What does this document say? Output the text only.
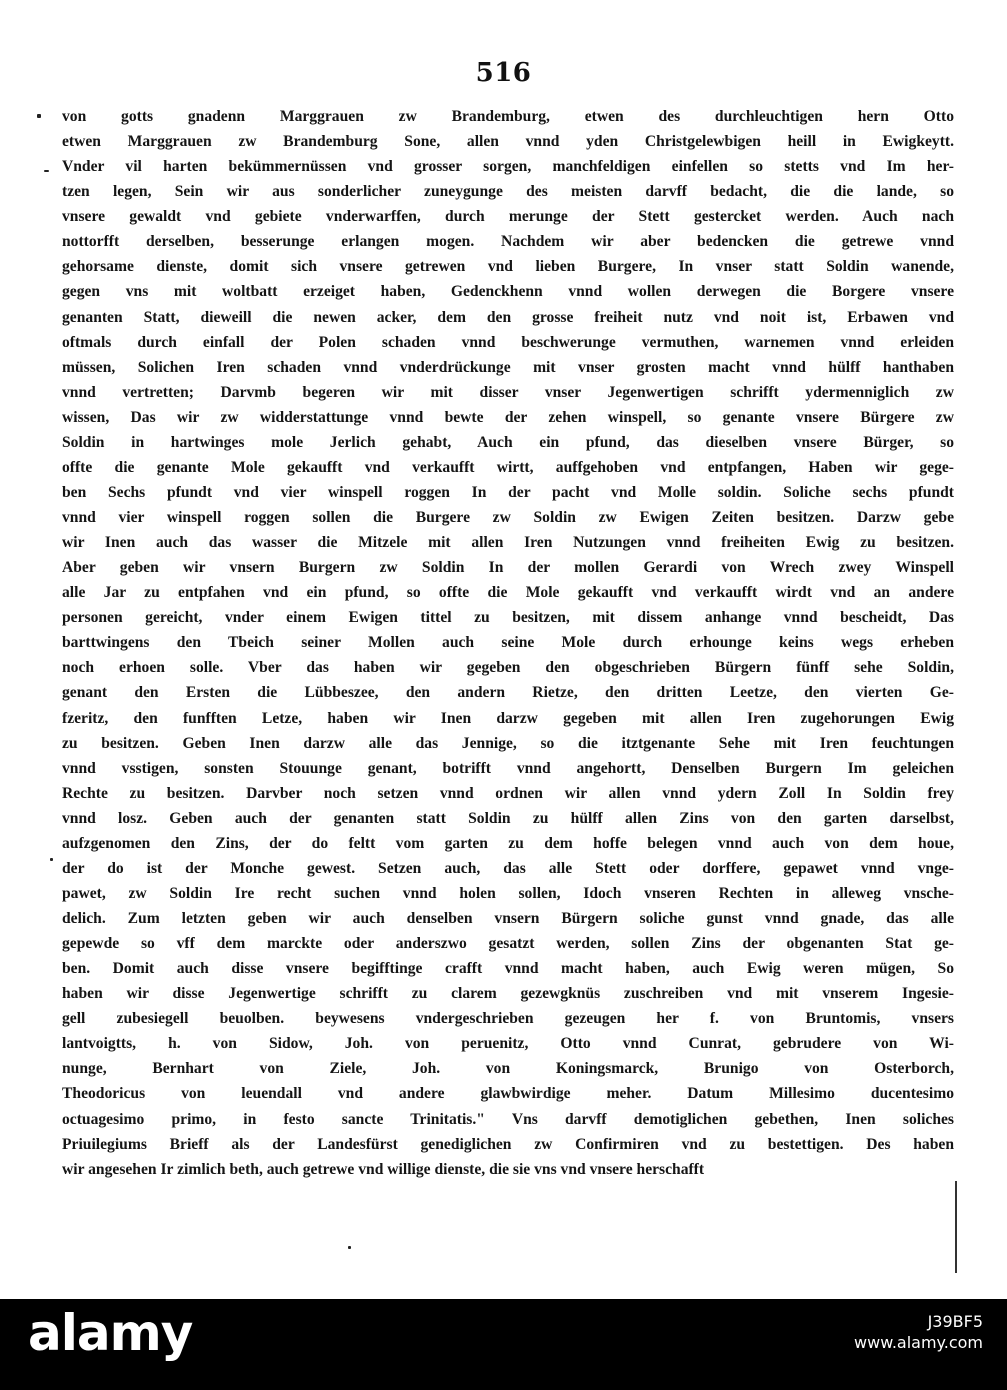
516
von gotts gnadenn Marggrauen zw Brandemburg, etwen des durchleuchtigen hern Otto
etwen Marggrauen zw Brandemburg Sone, allen vnnd yden Christgelewbigen heill in Ewigkeytt.
Vnder vil harten bekümmernüssen vnd grosser sorgen, manchfeldigen einfellen so stetts vnd Im her-
tzen legen, Sein wir aus sonderlicher zuneygunge des meisten darvff bedacht, die die lande, so
vnsere gewaldt vnd gebiete vnderwarffen, durch merunge der Stett gestercket werden. Auch nach
nottorfft derselben, besserunge erlangen mogen. Nachdem wir aber bedencken die getrewe vnnd
gehorsame dienste, domit sich vnsere getrewen vnd lieben Burgere, In vnser statt Soldin wanende,
gegen vns mit woltbatt erzeiget haben, Gedenckhenn vnnd wollen derwegen die Borgere vnsere
genanten Statt, dieweill die newen acker, dem den grosse freiheit nutz vnd noit ist, Erbawen vnd
oftmals durch einfall der Polen schaden vnnd beschwerunge vermuthen, warnemen vnnd erleiden
müssen, Solichen Iren schaden vnnd vnderdrückunge mit vnser grosten macht vnnd hülff hanthaben
vnnd vertretten; Darvmb begeren wir mit disser vnser Jegenwertigen schrifft ydermenniglich zw
wissen, Das wir zw widderstattunge vnnd bewte der zehen winspell, so genante vnsere Bürgere zw
Soldin in hartwinges mole Jerlich gehabt, Auch ein pfund, das dieselben vnsere Bürger, so
offte die genante Mole gekaufft vnd verkaufft wirtt, auffgehoben vnd entpfangen, Haben wir gege-
ben Sechs pfundt vnd vier winspell roggen In der pacht vnd Molle soldin. Soliche sechs pfundt
vnnd vier winspell roggen sollen die Burgere zw Soldin zw Ewigen Zeiten besitzen. Darzw gebe
wir Inen auch das wasser die Mitzele mit allen Iren Nutzungen vnnd freiheiten Ewig zu besitzen.
Aber geben wir vnsern Burgern zw Soldin In der mollen Gerardi von Wrech zwey Winspell
alle Jar zu entpfahen vnd ein pfund, so offte die Mole gekaufft vnd verkaufft wirdt vnd an andere
personen gereicht, vnder einem Ewigen tittel zu besitzen, mit dissem anhange vnnd bescheidt, Das
barttwingens den Tbeich seiner Mollen auch seine Mole durch erhounge keins wegs erheben
noch erhoen solle. Vber das haben wir gegeben den obgeschrieben Bürgern fünff sehe Soldin,
genant den Ersten die Lübbeszee, den andern Rietze, den dritten Leetze, den vierten Ge-
fzeritz, den funfften Letze, haben wir Inen darzw gegeben mit allen Iren zugehorungen Ewig
zu besitzen. Geben Inen darzw alle das Jennige, so die itztgenante Sehe mit Iren feuchtungen
vnnd vsstigen, sonsten Stouunge genant, botrifft vnnd angehortt, Denselben Burgern Im geleichen
Rechte zu besitzen. Darvber noch setzen vnnd ordnen wir allen vnnd ydern Zoll In Soldin frey
vnnd losz. Geben auch der genanten statt Soldin zu hülff allen Zins von den garten darselbst,
aufzgenomen den Zins, der do feltt vom garten zu dem hoffe belegen vnnd auch von dem houe,
der do ist der Monche gewest. Setzen auch, das alle Stett oder dorffere, gepawet vnnd vnge-
pawet, zw Soldin Ire recht suchen vnnd holen sollen, Idoch vnseren Rechten in alleweg vnsche-
delich. Zum letzten geben wir auch denselben vnsern Bürgern soliche gunst vnnd gnade, das alle
gepewde so vff dem marckte oder anderszwo gesatzt werden, sollen Zins der obgenanten Stat ge-
ben. Domit auch disse vnsere begifftinge crafft vnnd macht haben, auch Ewig weren mügen, So
haben wir disse Jegenwertige schrifft zu clarem gezewgknüs zuschreiben vnd mit vnserem Ingesie-
gell zubesiegell beuolben. beywesens vndergeschrieben gezeugen her f. von Bruntomis, vnsers
lantvoigtts, h. von Sidow, Joh. von peruenitz, Otto vnnd Cunrat, gebrudere von Wi-
nunge, Bernhart von Ziele, Joh. von Koningsmarck, Brunigo von Osterborch,
Theodoricus von leuendall vnd andere glawbwirdige meher. Datum Millesimo ducentesimo
octuagesimo primo, in festo sancte Trinitatis." Vns darvff demotiglichen gebethen, Inen soliches
Priuilegiums Brieff als der Landesfürst genediglichen zw Confirmiren vnd zu bestettigen. Des haben
wir angesehen Ir zimlich beth, auch getrewe vnd willige dienste, die sie vns vnd vnsere herschafft
alamy	J39BF5
www.alamy.com
